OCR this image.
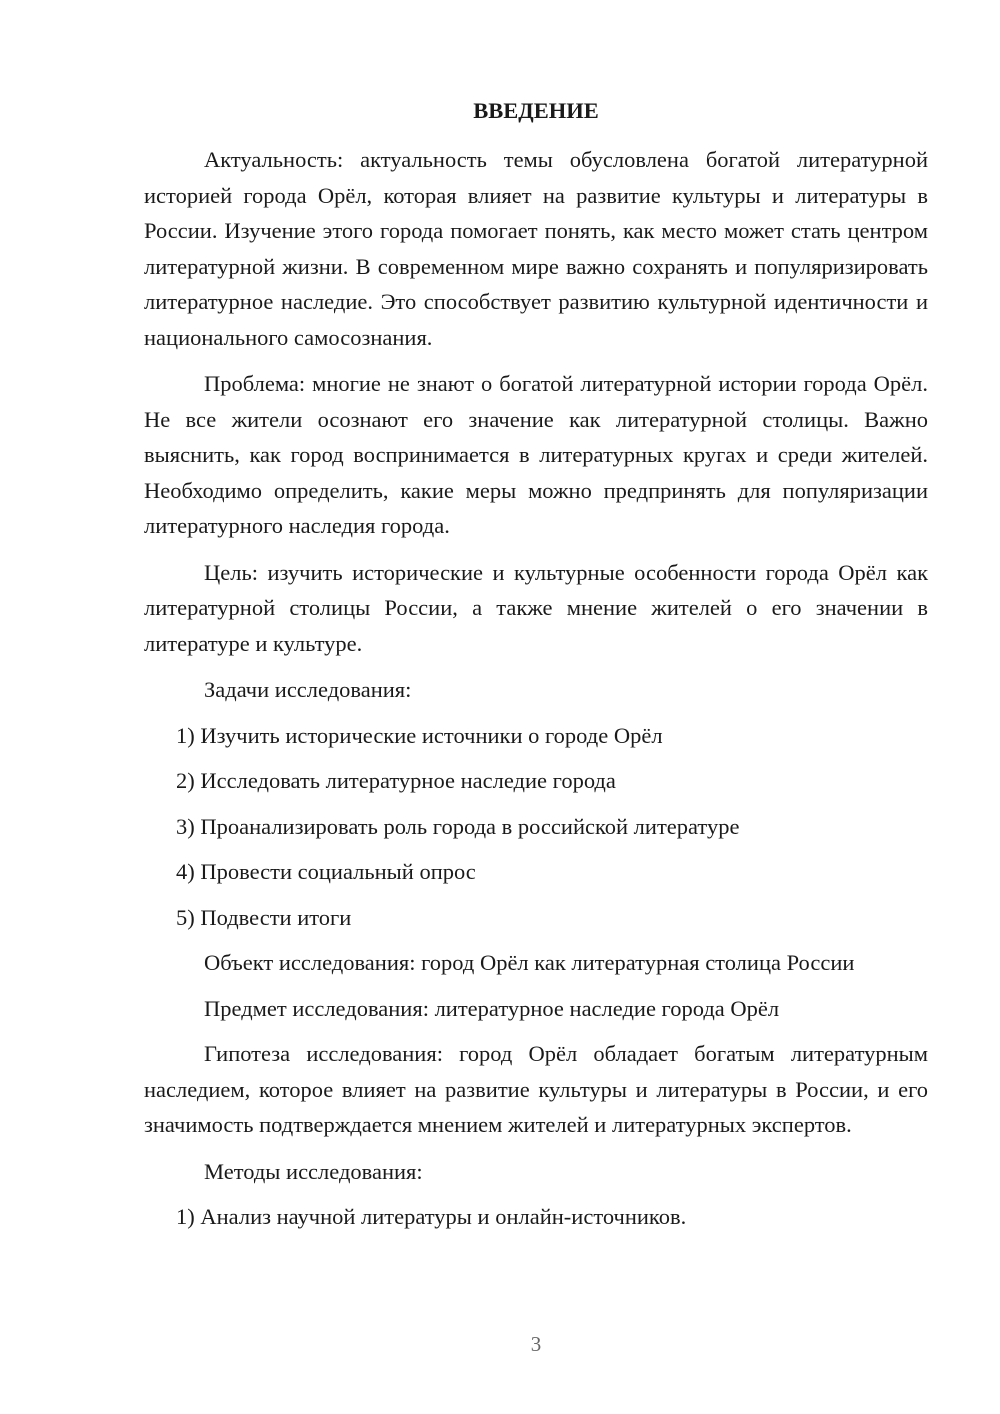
ВВЕДЕНИЕ

Актуальность: актуальность темы обусловлена богатой литературной историей города Орёл, которая влияет на развитие культуры и литературы в России. Изучение этого города помогает понять, как место может стать центром литературной жизни. В современном мире важно сохранять и популяризировать литературное наследие. Это способствует развитию культурной идентичности и национального самосознания.

Проблема: многие не знают о богатой литературной истории города Орёл. Не все жители осознают его значение как литературной столицы. Важно выяснить, как город воспринимается в литературных кругах и среди жителей. Необходимо определить, какие меры можно предпринять для популяризации литературного наследия города.

Цель: изучить исторические и культурные особенности города Орёл как литературной столицы России, а также мнение жителей о его значении в литературе и культуре.

Задачи исследования:
1) Изучить исторические источники о городе Орёл
2) Исследовать литературное наследие города
3) Проанализировать роль города в российской литературе
4) Провести социальный опрос
5) Подвести итоги
Объект исследования: город Орёл как литературная столица России
Предмет исследования: литературное наследие города Орёл

Гипотеза исследования: город Орёл обладает богатым литературным наследием, которое влияет на развитие культуры и литературы в России, и его значимость подтверждается мнением жителей и литературных экспертов.

Методы исследования:
1) Анализ научной литературы и онлайн-источников.
3
